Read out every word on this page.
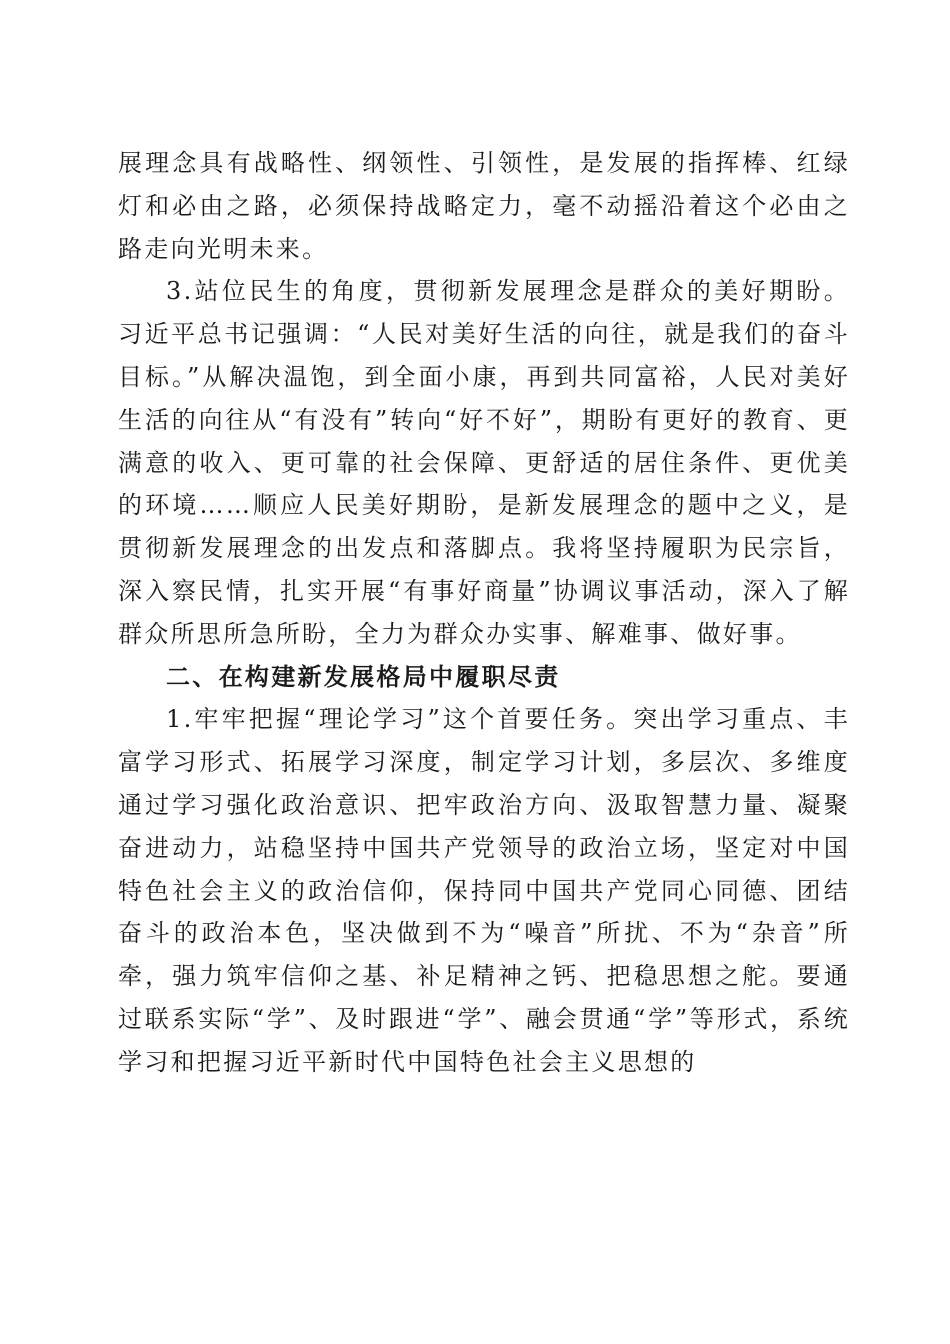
展理念具有战略性、纲领性、引领性，是发展的指挥棒、红绿灯和必由之路，必须保持战略定力，毫不动摇沿着这个必由之路走向光明未来。

3.站位民生的角度，贯彻新发展理念是群众的美好期盼。习近平总书记强调：“人民对美好生活的向往，就是我们的奋斗目标。”从解决温饱，到全面小康，再到共同富裕，人民对美好生活的向往从“有没有”转向“好不好”，期盼有更好的教育、更满意的收入、更可靠的社会保障、更舒适的居住条件、更优美的环境……顺应人民美好期盼，是新发展理念的题中之义，是贯彻新发展理念的出发点和落脚点。我将坚持履职为民宗旨，深入察民情，扎实开展“有事好商量”协调议事活动，深入了解群众所思所急所盼，全力为群众办实事、解难事、做好事。

二、在构建新发展格局中履职尽责

1.牢牢把握“理论学习”这个首要任务。突出学习重点、丰富学习形式、拓展学习深度，制定学习计划，多层次、多维度通过学习强化政治意识、把牢政治方向、汲取智慧力量、凝聚奋进动力，站稳坚持中国共产党领导的政治立场，坚定对中国特色社会主义的政治信仰，保持同中国共产党同心同德、团结奋斗的政治本色，坚决做到不为“噪音”所扰、不为“杂音”所牵，强力筑牢信仰之基、补足精神之钙、把稳思想之舵。要通过联系实际“学”、及时跟进“学”、融会贯通“学”等形式，系统学习和把握习近平新时代中国特色社会主义思想的
